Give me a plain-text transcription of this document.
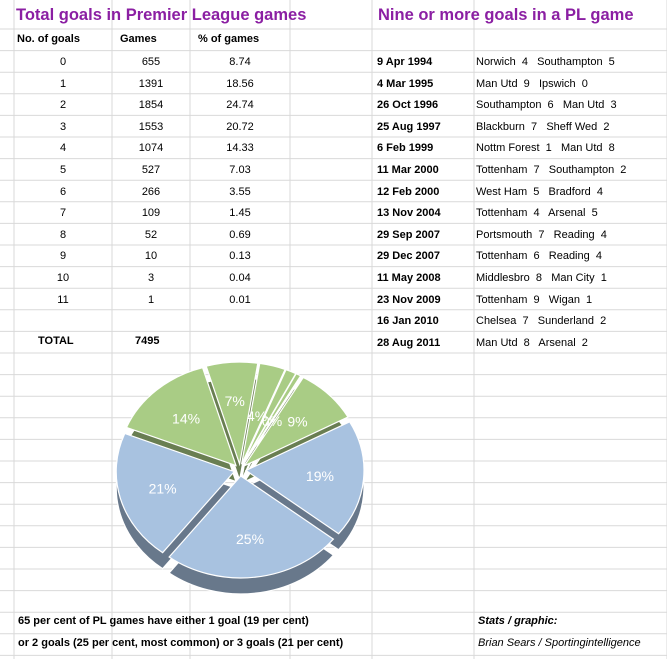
Total goals in Premier League games	Nine or more goals in a PL game
No. of goals	Games	% of games
0	655	8.74
1	1391	18.56
2	1854	24.74
3	1553	20.72
4	1074	14.33
5	527	7.03
6	266	3.55
7	109	1.45
8	52	0.69
9	10	0.13
10	3	0.04
11	1	0.01
TOTAL	7495
9 Apr 1994	Norwich  4   Southampton  5
4 Mar 1995	Man Utd  9   Ipswich  0
26 Oct 1996	Southampton  6   Man Utd  3
25 Aug 1997	Blackburn  7   Sheff Wed  2
6 Feb 1999	Nottm Forest  1   Man Utd  8
11 Mar 2000	Tottenham  7   Southampton  2
12 Feb 2000	West Ham  5   Bradford  4
13 Nov 2004	Tottenham  4   Arsenal  5
29 Sep 2007	Portsmouth  7   Reading  4
29 Dec 2007	Tottenham  6   Reading  4
11 May 2008	Middlesbro  8   Man City  1
23 Nov 2009	Tottenham  9   Wigan  1
16 Jan 2010	Chelsea  7   Sunderland  2
28 Aug 2011	Man Utd  8   Arsenal  2
9%
19%
25%
21%
14%
7%
4%
0%
65 per cent of PL games have either 1 goal (19 per cent)
or 2 goals (25 per cent, most common) or 3 goals (21 per cent)
Stats / graphic:
Brian Sears / Sportingintelligence
